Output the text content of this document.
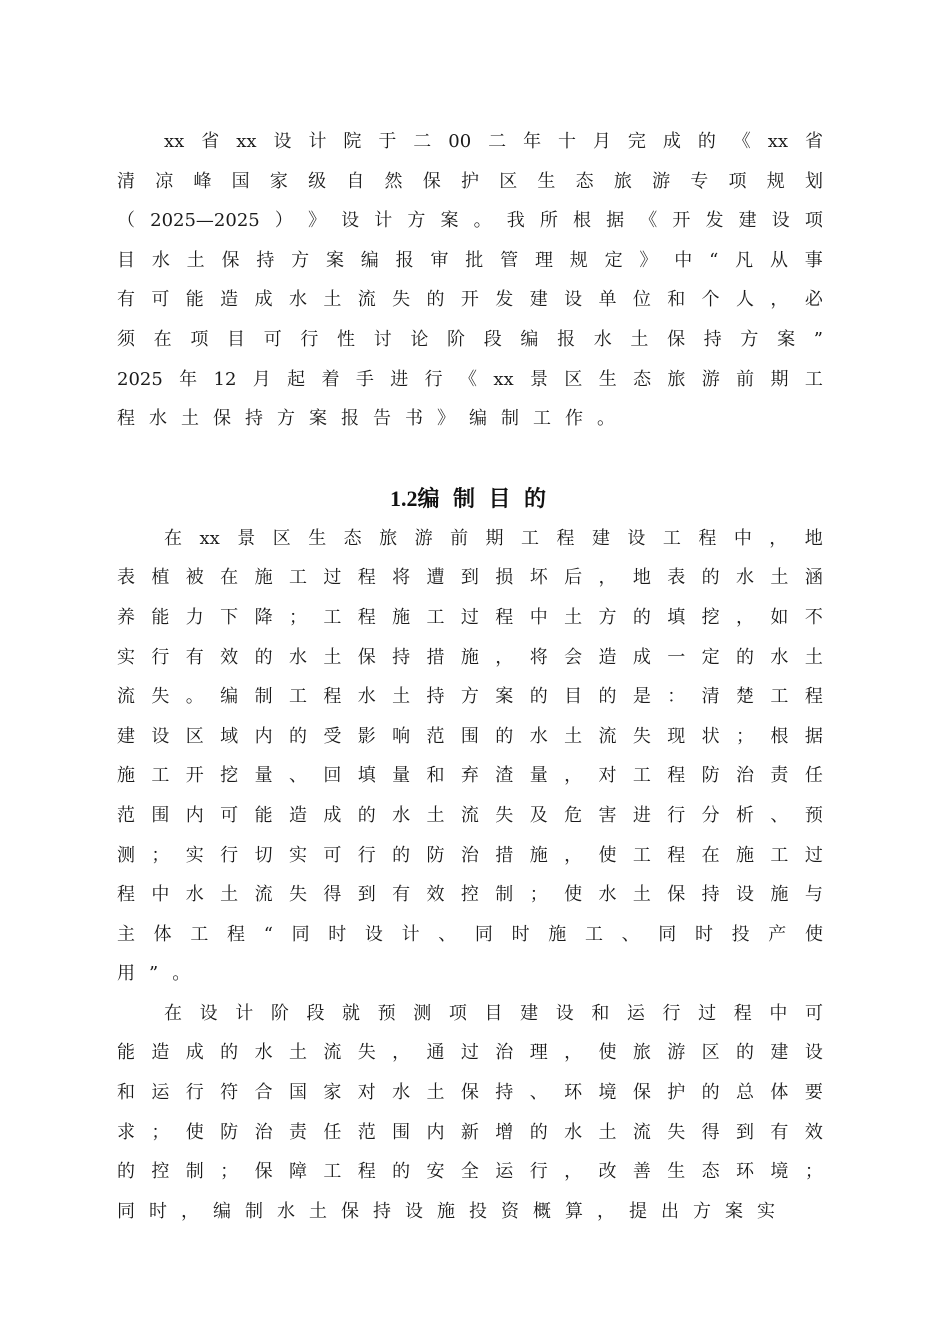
xx 省 xx 设 计 院 于 二 00 二 年 十 月 完 成 的 《 xx 省
清 凉 峰 国 家 级 自 然 保 护 区 生 态 旅 游 专 项 规 划
（ 2025—2025 ） 》 设 计 方 案 。 我 所 根 据 《 开 发 建 设 项
目 水 土 保 持 方 案 编 报 审 批 管 理 规 定 》 中 “ 凡 从 事
有 可 能 造 成 水 土 流 失 的 开 发 建 设 单 位 和 个 人 ， 必
须 在 项 目 可 行 性 讨 论 阶 段 编 报 水 土 保 持 方 案 ”
2025 年 12 月 起 着 手 进 行 《 xx 景 区 生 态 旅 游 前 期 工
程 水 土 保 持 方 案 报 告 书 》 编 制 工 作 。
1.2编 制 目 的
在 xx 景 区 生 态 旅 游 前 期 工 程 建 设 工 程 中 ， 地
表 植 被 在 施 工 过 程 将 遭 到 损 坏 后 ， 地 表 的 水 土 涵
养 能 力 下 降 ； 工 程 施 工 过 程 中 土 方 的 填 挖 ， 如 不
实 行 有 效 的 水 土 保 持 措 施 ， 将 会 造 成 一 定 的 水 土
流 失 。 编 制 工 程 水 土 持 方 案 的 目 的 是 ： 清 楚 工 程
建 设 区 域 内 的 受 影 响 范 围 的 水 土 流 失 现 状 ； 根 据
施 工 开 挖 量 、 回 填 量 和 弃 渣 量 ， 对 工 程 防 治 责 任
范 围 内 可 能 造 成 的 水 土 流 失 及 危 害 进 行 分 析 、 预
测 ； 实 行 切 实 可 行 的 防 治 措 施 ， 使 工 程 在 施 工 过
程 中 水 土 流 失 得 到 有 效 控 制 ； 使 水 土 保 持 设 施 与
主 体 工 程 “ 同 时 设 计 、 同 时 施 工 、 同 时 投 产 使
用 ” 。
在 设 计 阶 段 就 预 测 项 目 建 设 和 运 行 过 程 中 可
能 造 成 的 水 土 流 失 ， 通 过 治 理 ， 使 旅 游 区 的 建 设
和 运 行 符 合 国 家 对 水 土 保 持 、 环 境 保 护 的 总 体 要
求 ； 使 防 治 责 任 范 围 内 新 增 的 水 土 流 失 得 到 有 效
的 控 制 ； 保 障 工 程 的 安 全 运 行 ， 改 善 生 态 环 境 ；
同 时 ， 编 制 水 土 保 持 设 施 投 资 概 算 ， 提 出 方 案 实
